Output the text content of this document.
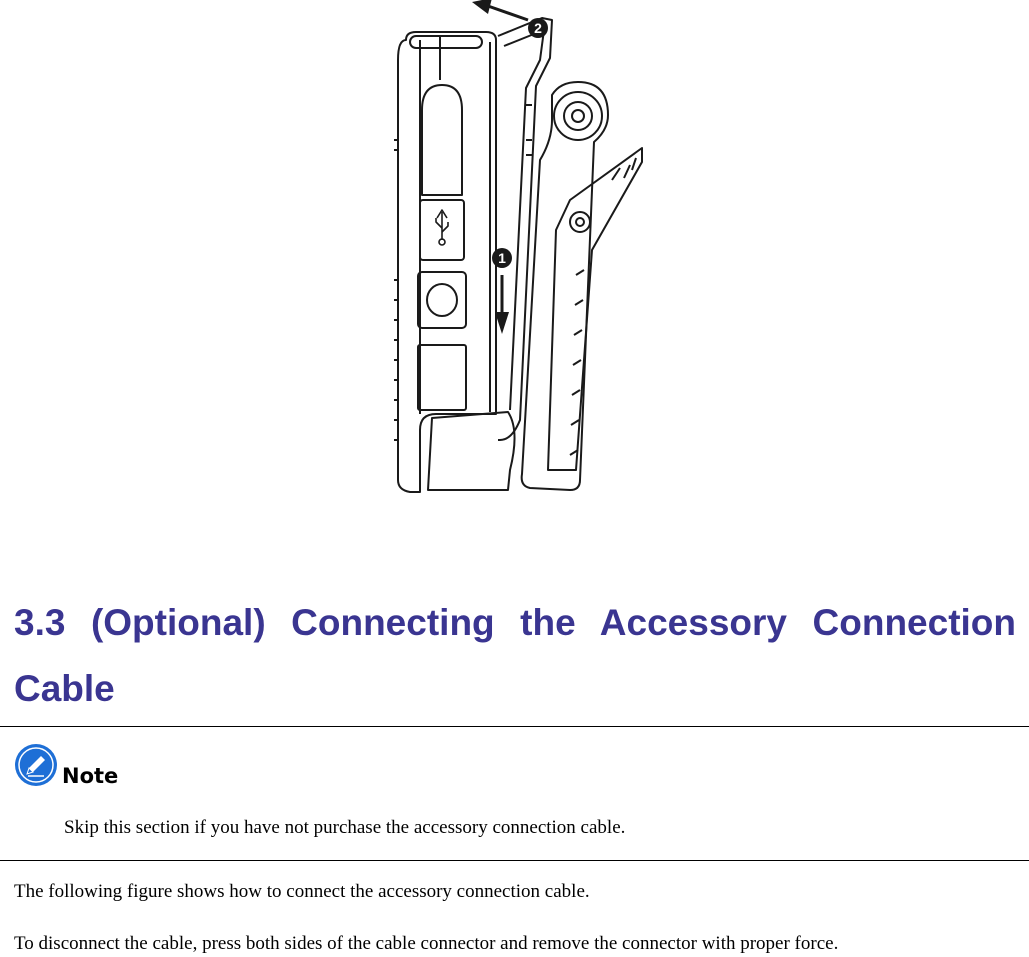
1
2
3.3 (Optional) Connecting the Accessory Connection Cable
Note
Skip this section if you have not purchase the accessory connection cable.

The following figure shows how to connect the accessory connection cable.

To disconnect the cable, press both sides of the cable connector and remove the connector with proper force.
